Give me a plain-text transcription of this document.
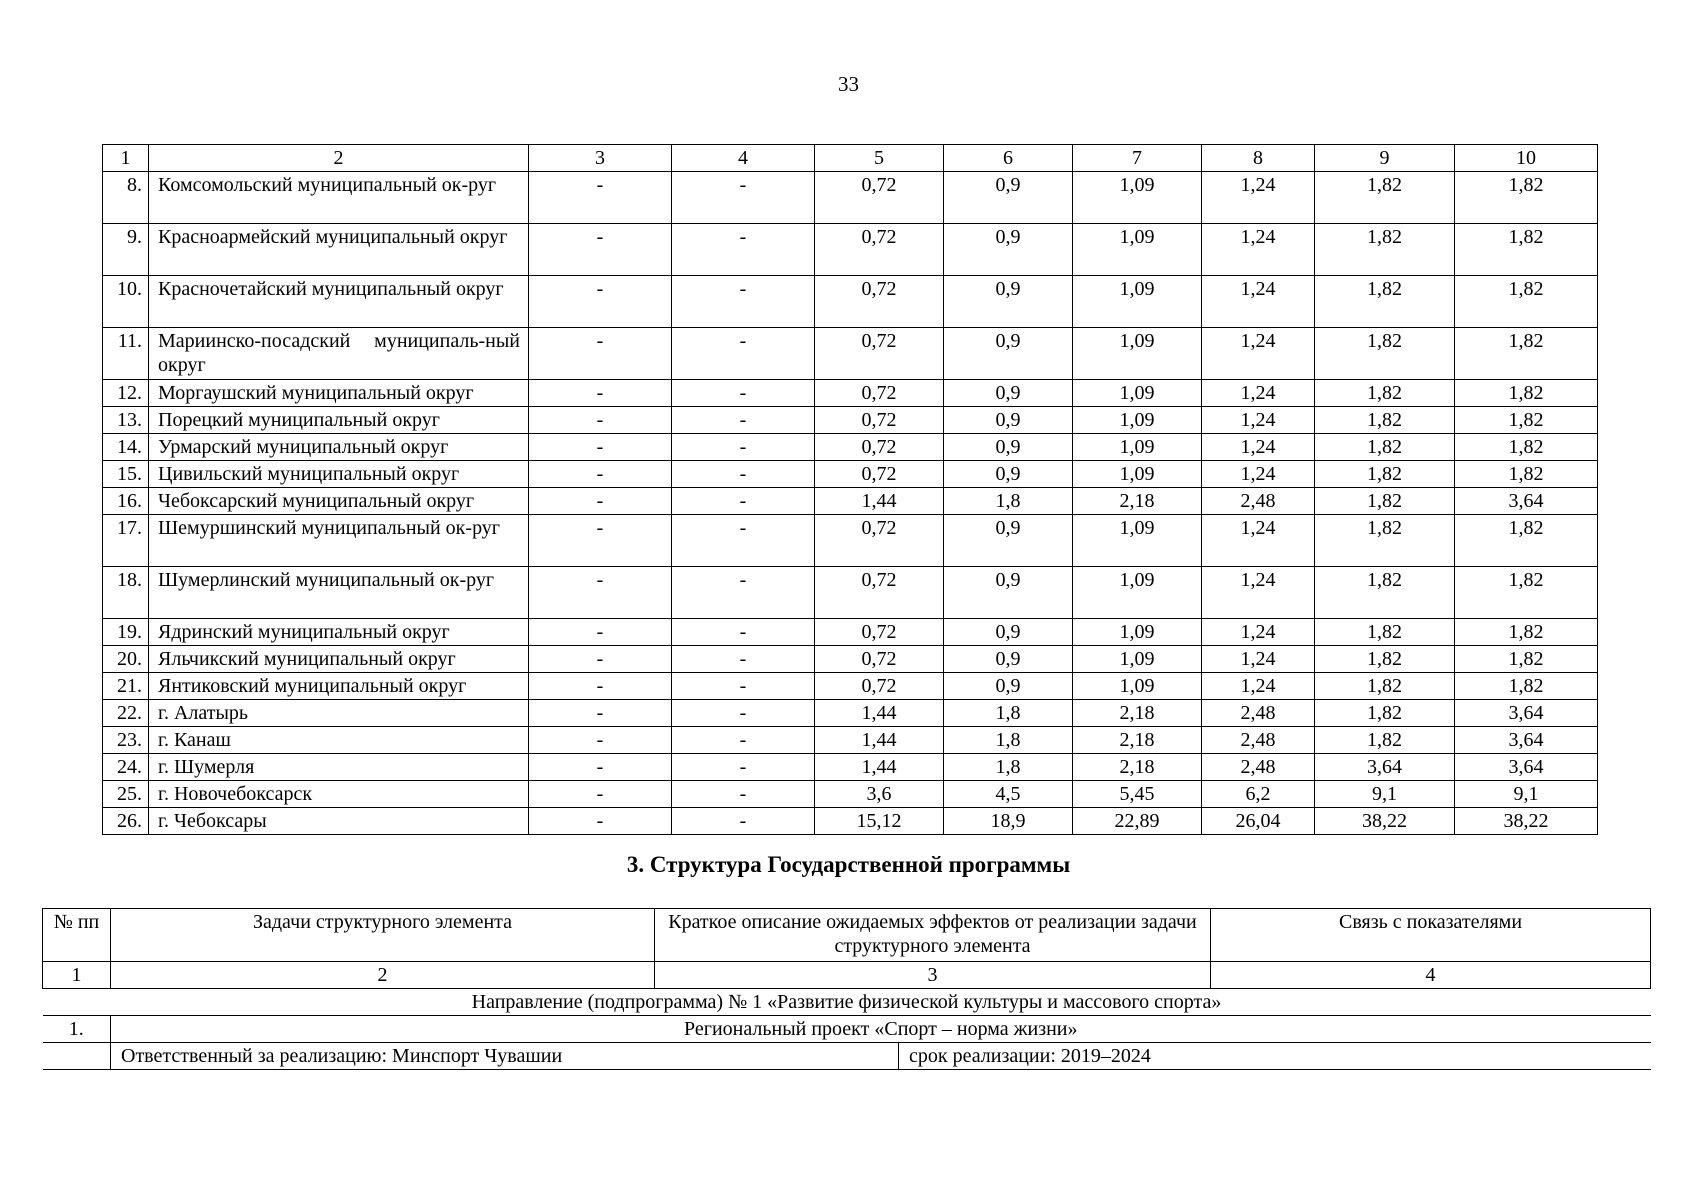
33
1	2	3	4	5	6	7	8	9	10
8.	Комсомольский муниципальный ок-руг	-	-	0,72	0,9	1,09	1,24	1,82	1,82
9.	Красноармейский муниципальный округ	-	-	0,72	0,9	1,09	1,24	1,82	1,82
10.	Красночетайский муниципальный округ	-	-	0,72	0,9	1,09	1,24	1,82	1,82
11.	Мариинско-посадский муниципаль-ный округ	-	-	0,72	0,9	1,09	1,24	1,82	1,82
12.	Моргаушский муниципальный округ	-	-	0,72	0,9	1,09	1,24	1,82	1,82
13.	Порецкий муниципальный округ	-	-	0,72	0,9	1,09	1,24	1,82	1,82
14.	Урмарский муниципальный округ	-	-	0,72	0,9	1,09	1,24	1,82	1,82
15.	Цивильский муниципальный округ	-	-	0,72	0,9	1,09	1,24	1,82	1,82
16.	Чебоксарский муниципальный округ	-	-	1,44	1,8	2,18	2,48	1,82	3,64
17.	Шемуршинский муниципальный ок-руг	-	-	0,72	0,9	1,09	1,24	1,82	1,82
18.	Шумерлинский муниципальный ок-руг	-	-	0,72	0,9	1,09	1,24	1,82	1,82
19.	Ядринский муниципальный округ	-	-	0,72	0,9	1,09	1,24	1,82	1,82
20.	Яльчикский муниципальный округ	-	-	0,72	0,9	1,09	1,24	1,82	1,82
21.	Янтиковский муниципальный округ	-	-	0,72	0,9	1,09	1,24	1,82	1,82
22.	г. Алатырь	-	-	1,44	1,8	2,18	2,48	1,82	3,64
23.	г. Канаш	-	-	1,44	1,8	2,18	2,48	1,82	3,64
24.	г. Шумерля	-	-	1,44	1,8	2,18	2,48	3,64	3,64
25.	г. Новочебоксарск	-	-	3,6	4,5	5,45	6,2	9,1	9,1
26.	г. Чебоксары	-	-	15,12	18,9	22,89	26,04	38,22	38,22
3. Структура Государственной программы
№ пп	Задачи структурного элемента	Краткое описание ожидаемых эффектов от реализации задачи структурного элемента		Связь с показателями
1	2	3		4
Направление (подпрограмма) № 1 «Развитие физической культуры и массового спорта»				
1.	Региональный проект «Спорт – норма жизни»			
	Ответственный за реализацию: Минспорт Чувашии		срок реализации: 2019–2024	
